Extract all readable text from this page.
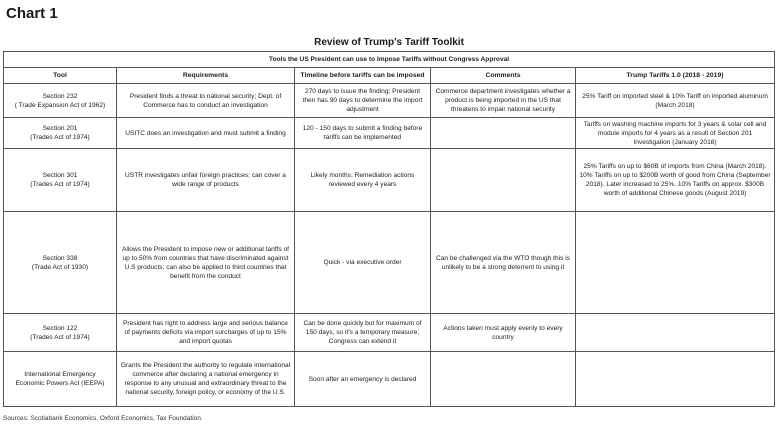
Chart 1
Review of Trump's Tariff Toolkit
Tools the US President can use to Impose Tariffs without Congress Approval				
Tool	Requirements	Timeline before tariffs can be imposed	Comments	Trump Tariffs 1.0 (2018 - 2019)

Section 232
( Trade Expansion Act of 1962)	President finds a threat to national security; Dept. of Commerce has to conduct an investigation	270 days to issue the finding; President then has 90 days to determine the import adjustment	Commerce department investigates whether a product is being imported in the US that threatens to impair national security	25% Tariff on imported steel & 10% Tariff on imported aluminum (March 2018)

Section 201
(Trades Act of 1974)	USITC does an investigation and must submit a finding	120 - 150 days to submit a finding before tariffs can be implemented		Tariffs on washing machine imports for 3 years & solar cell and module imports for 4 years as a result of Section 201 Investigation (January 2018)

Section 301
(Trades Act of 1974)	USTR investigates unfair foreign practices; can cover a wide range of products	Likely months; Remediation actions reviewed every 4 years		25% Tariffs on up to $60B of imports from China (March 2018). 10% Tariffs on up to $200B worth of good from China (September 2018). Later increased to 25%. 10% Tariffs on approx. $300B worth of additional Chinese goods (August 2019)

Section 338
(Trade Act of 1930)	Allows the President to impose new or additional tariffs of up to 50% from countries that have discriminated against U.S products; can also be applied to third countries that benefit from the conduct	Quick - via executive order	Can be challenged via the WTO though this is unlikely to be a strong deterrent to using it	

Section 122
(Trades Act of 1974)	President has right to address large and serious balance of payments deficits via import surcharges of up to 15% and import quotas	Can be done quickly but for maximum of 150 days, so it's a temporary measure; Congress can extend it	Actions taken must apply evenly to every country	

International Emergency
Economic Powers Act (IEEPA)	Grants the President the authority to regulate international commerce after declaring a national emergency in response to any unusual and extraordinary threat to the national security, foreign policy, or economy of the U.S.	Soon after an emergency is declared		

Sources: Scotiabank Economics, Oxford Economics, Tax Foundation.
